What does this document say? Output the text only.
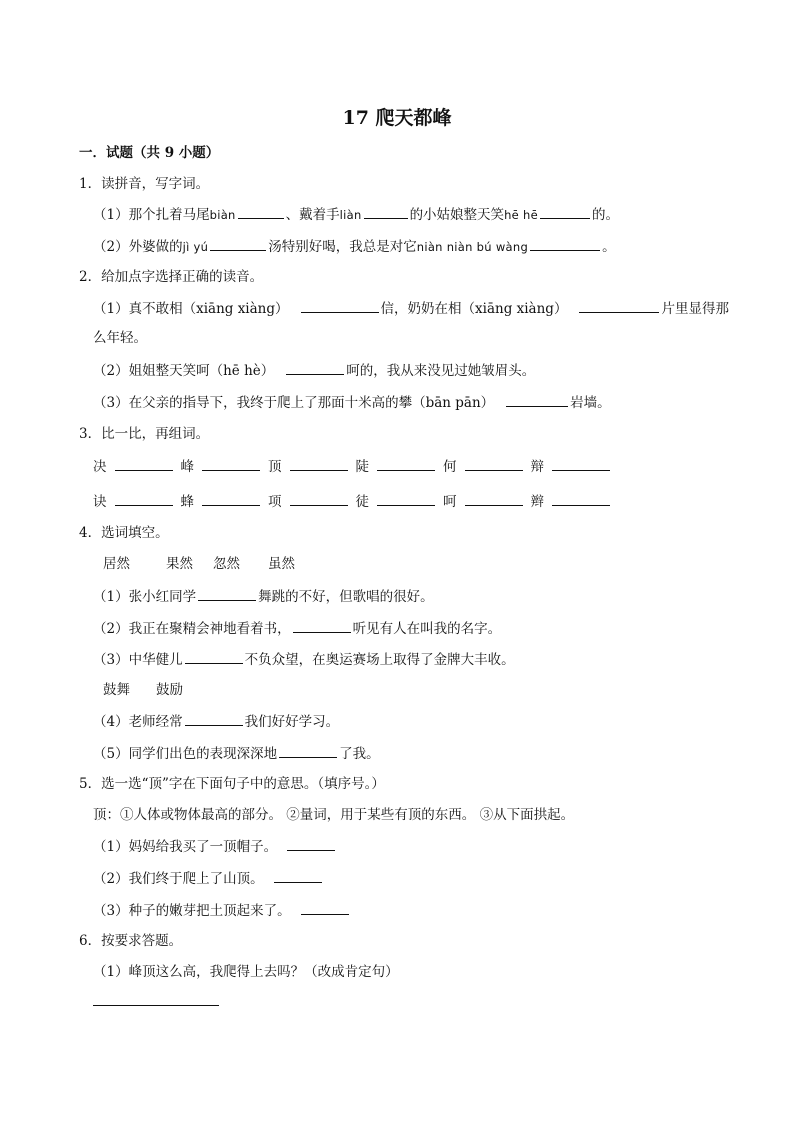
17 爬天都峰
一．试题（共 9 小题）
1．读拼音，写字词。
（1）那个扎着马尾biàn	、戴着手liàn	的小姑娘整天笑hē hē	的。
（2）外婆做的jì yú	汤特别好喝，我总是对它niàn niàn bú wàng	。
2．给加点字选择正确的读音。
（1）真不敢相（xiāng xiàng）	信，奶奶在相（xiāng xiàng）	片里显得那
么年轻。
（2）姐姐整天笑呵（hē hè）	呵的，我从来没见过她皱眉头。
（3）在父亲的指导下，我终于爬上了那面十米高的攀（bān pān）	岩墙。
3．比一比，再组词。
决	峰	顶	陡	何	辩
诀	蜂	项	徒	呵	辫
4．选词填空。
居然	果然 忽然 虽然
（1）张小红同学	舞跳的不好，但歌唱的很好。
（2）我正在聚精会神地看着书，	听见有人在叫我的名字。
（3）中华健儿	不负众望，在奥运赛场上取得了金牌大丰收。
鼓舞 鼓励
（4）老师经常	我们好好学习。
（5）同学们出色的表现深深地	了我。
5．选一选“顶”字在下面句子中的意思。（填序号。）
顶：①人体或物体最高的部分。 ②量词，用于某些有顶的东西。 ③从下面拱起。
（1）妈妈给我买了一顶帽子。
（2）我们终于爬上了山顶。
（3）种子的嫩芽把土顶起来了。
6．按要求答题。
（1）峰顶这么高，我爬得上去吗？（改成肯定句）
